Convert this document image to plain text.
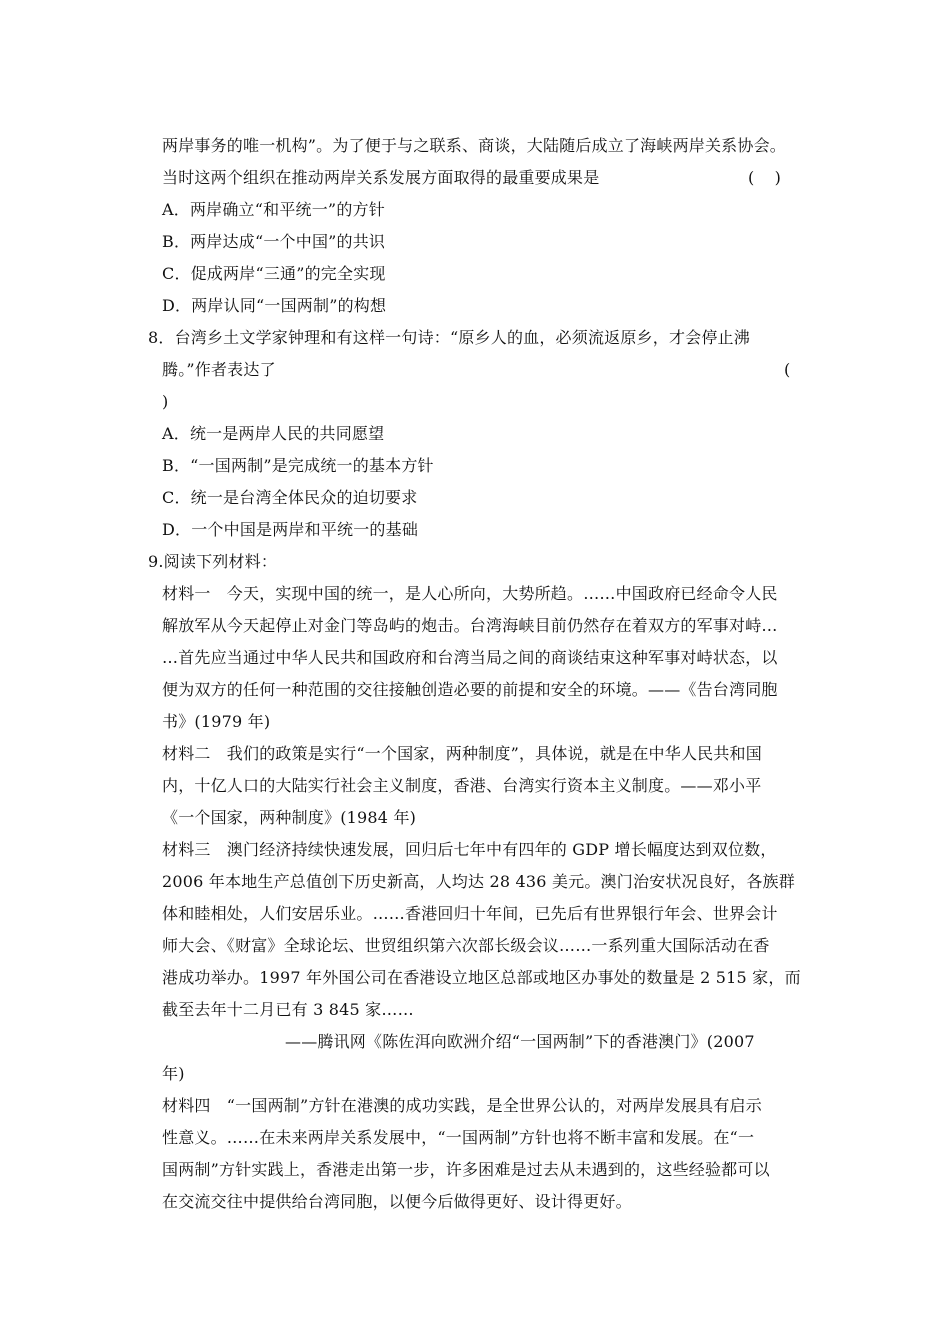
两岸事务的唯一机构”。为了便于与之联系、商谈，大陆随后成立了海峡两岸关系协会。
当时这两个组织在推动两岸关系发展方面取得的最重要成果是	(    )
A．两岸确立“和平统一”的方针
B．两岸达成“一个中国”的共识
C．促成两岸“三通”的完全实现
D．两岸认同“一国两制”的构想
8．台湾乡土文学家钟理和有这样一句诗：“原乡人的血，必须流返原乡，才会停止沸
腾。”作者表达了	(
)
A．统一是两岸人民的共同愿望
B．“一国两制”是完成统一的基本方针
C．统一是台湾全体民众的迫切要求
D．一个中国是两岸和平统一的基础
9.阅读下列材料：
材料一　今天，实现中国的统一，是人心所向，大势所趋。……中国政府已经命令人民
解放军从今天起停止对金门等岛屿的炮击。台湾海峡目前仍然存在着双方的军事对峙…
…首先应当通过中华人民共和国政府和台湾当局之间的商谈结束这种军事对峙状态，以
便为双方的任何一种范围的交往接触创造必要的前提和安全的环境。——《告台湾同胞
书》(1979 年)
材料二　我们的政策是实行“一个国家，两种制度”，具体说，就是在中华人民共和国
内，十亿人口的大陆实行社会主义制度，香港、台湾实行资本主义制度。——邓小平
《一个国家，两种制度》(1984 年)
材料三　澳门经济持续快速发展，回归后七年中有四年的 GDP 增长幅度达到双位数，
2006 年本地生产总值创下历史新高，人均达 28 436 美元。澳门治安状况良好，各族群
体和睦相处，人们安居乐业。……香港回归十年间，已先后有世界银行年会、世界会计
师大会、《财富》全球论坛、世贸组织第六次部长级会议……一系列重大国际活动在香
港成功举办。1997 年外国公司在香港设立地区总部或地区办事处的数量是 2 515 家，而
截至去年十二月已有 3 845 家……
——腾讯网《陈佐洱向欧洲介绍“一国两制”下的香港澳门》(2007
年)
材料四　“一国两制”方针在港澳的成功实践，是全世界公认的，对两岸发展具有启示
性意义。……在未来两岸关系发展中，“一国两制”方针也将不断丰富和发展。在“一
国两制”方针实践上，香港走出第一步，许多困难是过去从未遇到的，这些经验都可以
在交流交往中提供给台湾同胞，以便今后做得更好、设计得更好。
